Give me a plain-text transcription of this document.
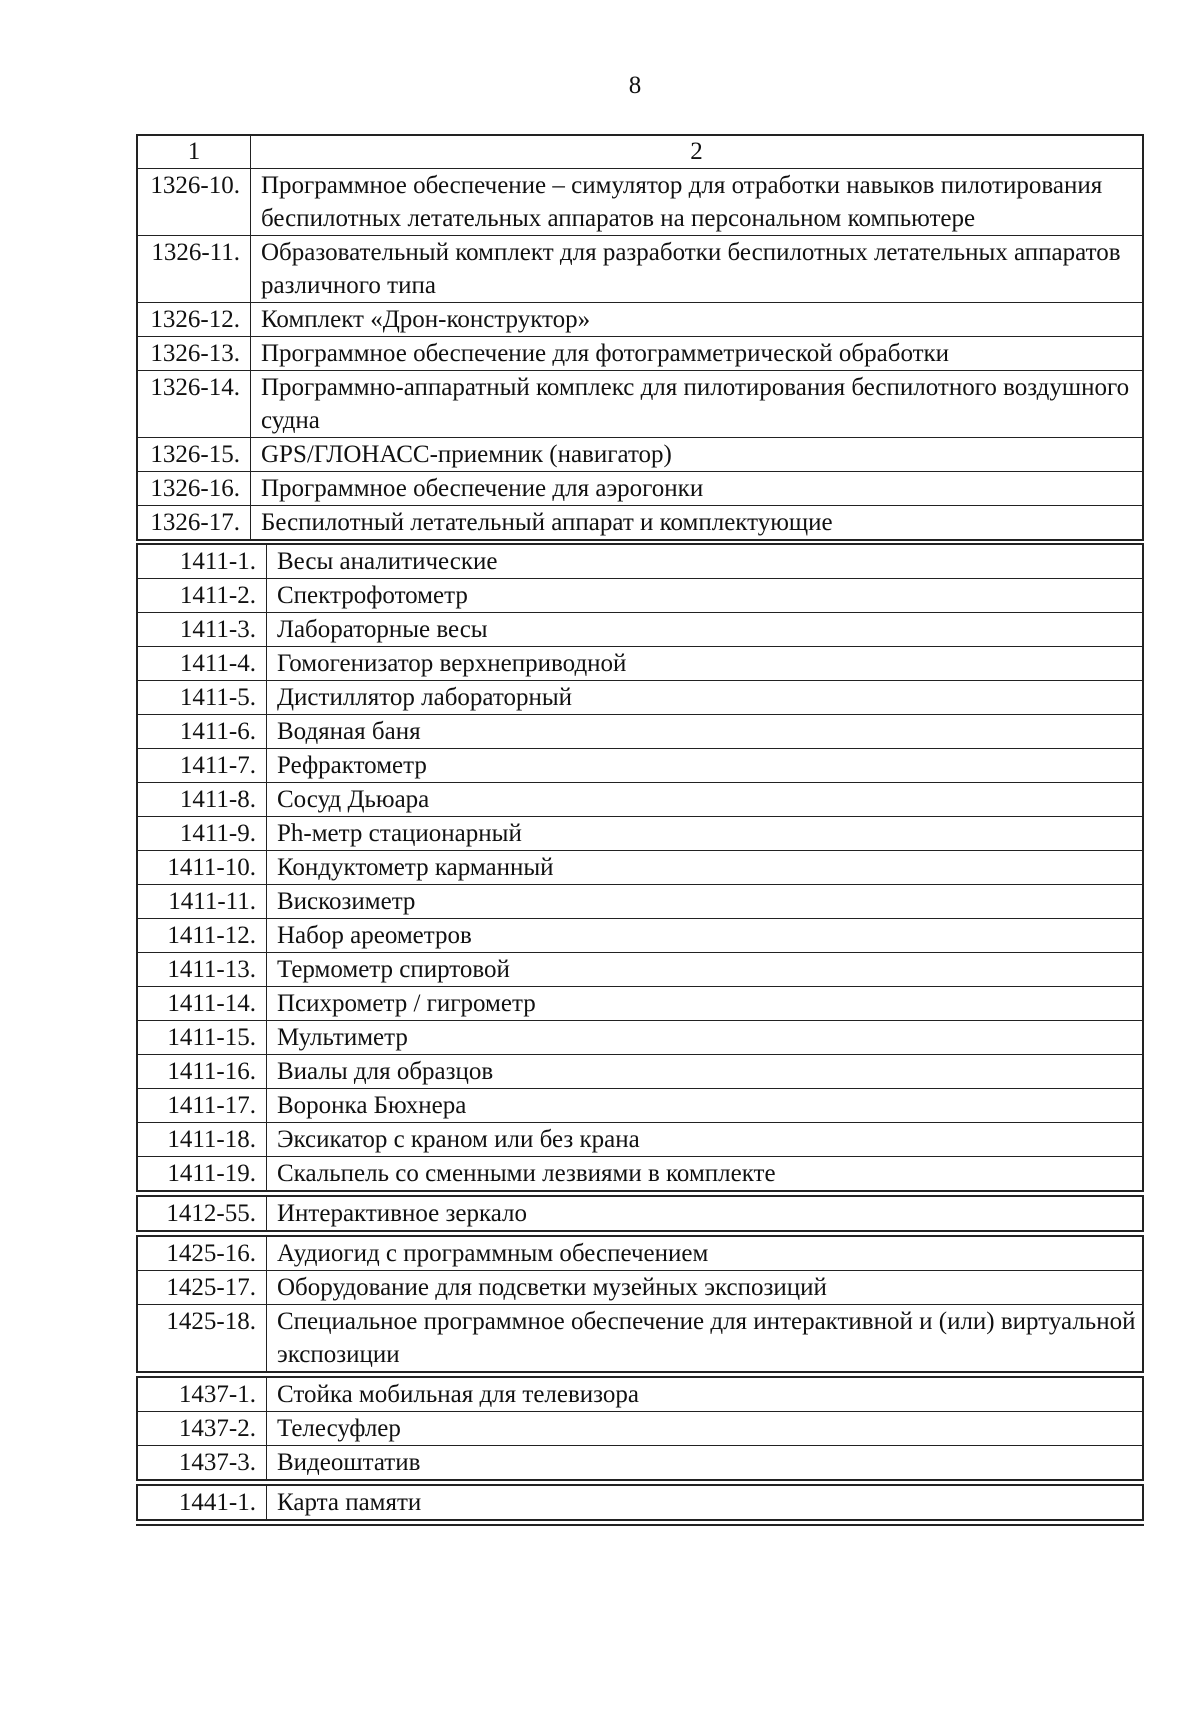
8
1	2
1326-10.	Программное обеспечение – симулятор для отработки навыков пилотирования беспилотных летательных аппаратов на персональном компьютере
1326-11.	Образовательный комплект для разработки беспилотных летательных аппаратов различного типа
1326-12.	Комплект «Дрон-конструктор»
1326-13.	Программное обеспечение для фотограмметрической обработки
1326-14.	Программно-аппаратный комплекс для пилотирования беспилотного воздушного судна
1326-15.	GPS/ГЛОНАСС-приемник (навигатор)
1326-16.	Программное обеспечение для аэрогонки
1326-17.	Беспилотный летательный аппарат и комплектующие
1411-1.	Весы аналитические
1411-2.	Спектрофотометр
1411-3.	Лабораторные весы
1411-4.	Гомогенизатор верхнеприводной
1411-5.	Дистиллятор лабораторный
1411-6.	Водяная баня
1411-7.	Рефрактометр
1411-8.	Сосуд Дьюара
1411-9.	Ph-метр стационарный
1411-10.	Кондуктометр карманный
1411-11.	Вискозиметр
1411-12.	Набор ареометров
1411-13.	Термометр спиртовой
1411-14.	Психрометр / гигрометр
1411-15.	Мультиметр
1411-16.	Виалы для образцов
1411-17.	Воронка Бюхнера
1411-18.	Эксикатор с краном или без крана
1411-19.	Скальпель со сменными лезвиями в комплекте
1412-55.	Интерактивное зеркало
1425-16.	Аудиогид с программным обеспечением
1425-17.	Оборудование для подсветки музейных экспозиций
1425-18.	Специальное программное обеспечение для интерактивной и (или) виртуальной экспозиции
1437-1.	Стойка мобильная для телевизора
1437-2.	Телесуфлер
1437-3.	Видеоштатив
1441-1.	Карта памяти
